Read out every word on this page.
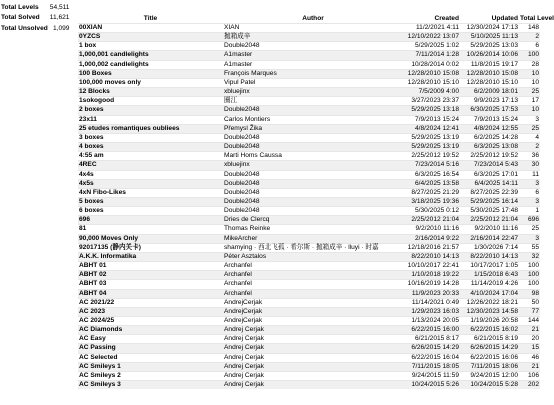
Total Levels	54,511
Total Solved	11,621
Total Unsolved	1,099
Title	Author	Created	Updated	Total Level
00XIAN	XIAN	11/2/2021 4:11	12/30/2024 17:13	148
0YZCS	抛箱成辛	12/10/2022 13:07	5/10/2025 11:13	2
1 box	Double2048	5/29/2025 1:02	5/29/2025 13:03	6
1,000,001 candlelights	A1master	7/11/2014 1:28	10/26/2014 10:06	100
1,000,002 candlelights	A1master	10/28/2014 0:02	11/8/2015 19:17	28
100 Boxes	François Marques	12/28/2010 15:08	12/28/2010 15:08	10
100,000 moves only	Vipul Patel	12/28/2010 15:10	12/28/2010 15:10	10
12 Blocks	xbluejinx	7/5/2009 4:00	6/2/2009 18:01	25
1sokogood	圈江	3/27/2023 23:37	9/9/2023 17:13	17
2 boxes	Double2048	5/29/2025 13:18	6/30/2025 17:53	10
23x11	Carlos Montiers	7/9/2013 15:24	7/9/2013 15:24	3
25 etudes romantiques oubliees	Přemysl Žika	4/8/2024 12:41	4/8/2024 12:55	25
3 boxes	Double2048	5/29/2025 13:19	6/2/2025 14:28	4
4 boxes	Double2048	5/29/2025 13:19	6/3/2025 13:08	2
4:55 am	Marti Homs Caussa	2/25/2012 19:52	2/25/2012 19:52	36
4REC	xbluejinx	7/23/2014 5:16	7/23/2014 5:43	30
4x4s	Double2048	6/3/2025 16:54	6/3/2025 17:01	11
4x5s	Double2048	6/4/2025 13:58	6/4/2025 14:11	3
4xN Fibo-Likes	Double2048	8/27/2025 21:29	8/27/2025 22:39	6
5 boxes	Double2048	3/18/2025 19:36	5/29/2025 16:14	3
6 boxes	Double2048	5/30/2025 0:12	5/30/2025 17:48	1
696	Dries de Clercq	2/25/2012 21:04	2/25/2012 21:04	696
81	Thomas Reinke	9/2/2010 11:16	9/2/2010 11:16	25
90,000 Moves Only	MikeArcher	2/16/2014 9:22	2/16/2014 22:47	3
92017135 (静内关卡)	shamying · 西北飞孤 · 希尔斯 · 抛箱成辛 · lluyi · 时嘉	12/18/2016 21:57	1/30/2026 7:14	55
A.K.K. Informatika	Péter Asztalos	8/22/2010 14:13	8/22/2010 14:13	32
ABHT 01	Archanfel	10/10/2017 22:41	10/17/2017 1:05	100
ABHT 02	Archanfel	1/10/2018 19:22	1/15/2018 6:43	100
ABHT 03	Archanfel	10/16/2019 14:28	11/14/2019 4:26	100
ABHT 04	Archanfel	11/9/2023 20:33	4/10/2024 17:04	98
AC 2021/22	AndrejCerjak	11/14/2021 0:49	12/26/2022 18:21	50
AC 2023	AndrejCerjak	1/29/2023 16:03	12/30/2023 14:58	77
AC 2024/25	AndrejCerjak	1/13/2024 20:05	1/19/2026 20:58	144
AC Diamonds	Andrej Cerjak	6/22/2015 16:00	6/22/2015 16:02	21
AC Easy	Andrej Cerjak	6/21/2015 8:17	6/21/2015 8:19	20
AC Passing	Andrej Cerjak	6/26/2015 14:29	6/26/2015 14:29	15
AC Selected	Andrej Cerjak	6/22/2015 16:04	6/22/2015 16:06	46
AC Smileys 1	Andrej Cerjak	7/11/2015 18:05	7/11/2015 18:06	21
AC Smileys 2	Andrej Cerjak	9/24/2015 11:59	9/24/2015 12:00	106
AC Smileys 3	Andrej Cerjak	10/24/2015 5:26	10/24/2015 5:28	202
